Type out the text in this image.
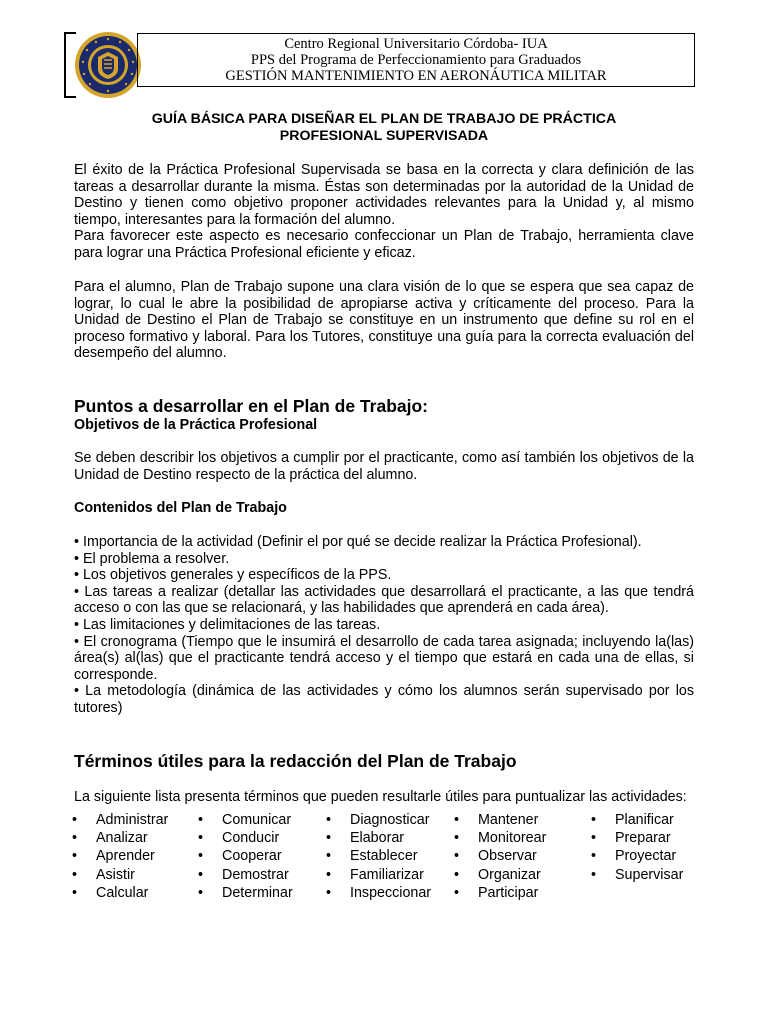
Centro Regional Universitario Córdoba- IUA
PPS del Programa de Perfeccionamiento para Graduados
GESTIÓN MANTENIMIENTO EN AERONÁUTICA MILITAR
GUÍA BÁSICA PARA DISEÑAR EL PLAN DE TRABAJO DE PRÁCTICA
PROFESIONAL SUPERVISADA

El éxito de la Práctica Profesional Supervisada se basa en la correcta y clara definición de las tareas a desarrollar durante la misma. Éstas son determinadas por la autoridad de la Unidad de Destino y tienen como objetivo proponer actividades relevantes para la Unidad y, al mismo tiempo, interesantes para la formación del alumno.

Para favorecer este aspecto es necesario confeccionar un Plan de Trabajo, herramienta clave para lograr una Práctica Profesional eficiente y eficaz.

Para el alumno, Plan de Trabajo supone una clara visión de lo que se espera que sea capaz de lograr, lo cual le abre la posibilidad de apropiarse activa y críticamente del proceso. Para la Unidad de Destino el Plan de Trabajo se constituye en un instrumento que define su rol en el proceso formativo y laboral. Para los Tutores, constituye una guía para la correcta evaluación del desempeño del alumno.

Puntos a desarrollar en el Plan de Trabajo:
Objetivos de la Práctica Profesional

Se deben describir los objetivos a cumplir por el practicante, como así también los objetivos de la Unidad de Destino respecto de la práctica del alumno.

Contenidos del Plan de Trabajo

• Importancia de la actividad (Definir el por qué se decide realizar la Práctica Profesional).

• El problema a resolver.

• Los objetivos generales y específicos de la PPS.

• Las tareas a realizar (detallar las actividades que desarrollará el practicante, a las que tendrá acceso o con las que se relacionará, y las habilidades que aprenderá en cada área).

• Las limitaciones y delimitaciones de las tareas.

• El cronograma (Tiempo que le insumirá el desarrollo de cada tarea asignada; incluyendo la(las) área(s) al(las) que el practicante tendrá acceso y el tiempo que estará en cada una de ellas, si corresponde.

• La metodología (dinámica de las actividades y cómo los alumnos serán supervisado por los tutores)

Términos útiles para la redacción del Plan de Trabajo

La siguiente lista presenta términos que pueden resultarle útiles para puntualizar las actividades:

• Administrar
• Analizar
• Aprender
• Asistir
• Calcular
• Comunicar
• Conducir
• Cooperar
• Demostrar
• Determinar
• Diagnosticar
• Elaborar
• Establecer
• Familiarizar
• Inspeccionar
• Mantener
• Monitorear
• Observar
• Organizar
• Participar
• Planificar
• Preparar
• Proyectar
• Supervisar
